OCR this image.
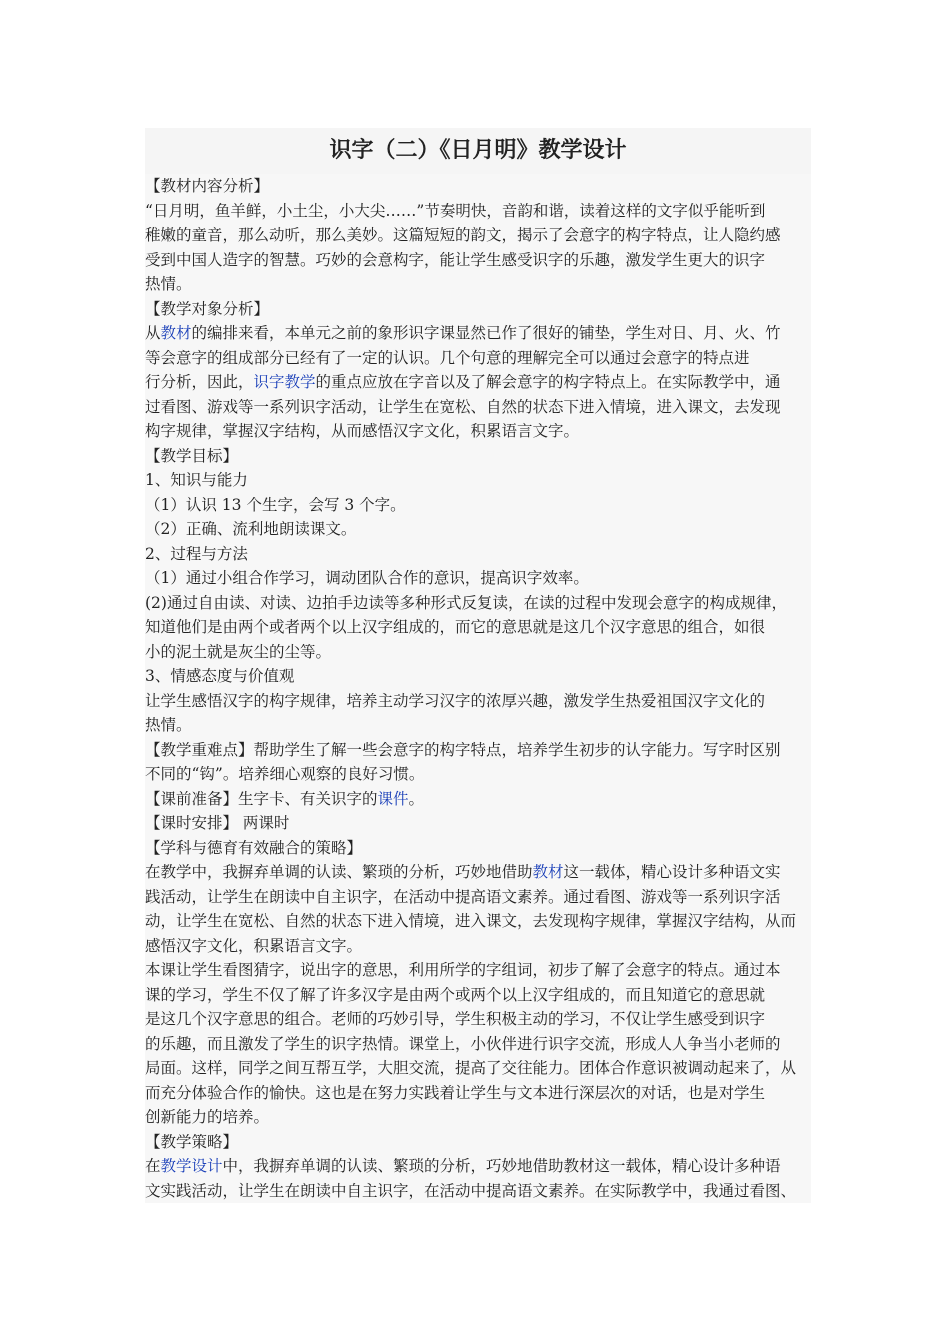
识字（二）《日月明》教学设计
【教材内容分析】
“日月明，鱼羊鲜，小土尘，小大尖……”节奏明快，音韵和谐，读着这样的文字似乎能听到
稚嫩的童音，那么动听，那么美妙。这篇短短的韵文，揭示了会意字的构字特点，让人隐约感
受到中国人造字的智慧。巧妙的会意构字，能让学生感受识字的乐趣，激发学生更大的识字
热情。
【教学对象分析】
从教材的编排来看，本单元之前的象形识字课显然已作了很好的铺垫，学生对日、月、火、竹
等会意字的组成部分已经有了一定的认识。几个句意的理解完全可以通过会意字的特点进
行分析，因此，识字教学的重点应放在字音以及了解会意字的构字特点上。在实际教学中，通
过看图、游戏等一系列识字活动，让学生在宽松、自然的状态下进入情境，进入课文，去发现
构字规律，掌握汉字结构，从而感悟汉字文化，积累语言文字。
【教学目标】
1、知识与能力
（1）认识 13 个生字，会写 3 个字。
（2）正确、流利地朗读课文。
2、过程与方法
（1）通过小组合作学习，调动团队合作的意识，提高识字效率。
(2)通过自由读、对读、边拍手边读等多种形式反复读，在读的过程中发现会意字的构成规律，
知道他们是由两个或者两个以上汉字组成的，而它的意思就是这几个汉字意思的组合，如很
小的泥土就是灰尘的尘等。
3、情感态度与价值观
让学生感悟汉字的构字规律，培养主动学习汉字的浓厚兴趣，激发学生热爱祖国汉字文化的
热情。
【教学重难点】帮助学生了解一些会意字的构字特点，培养学生初步的认字能力。写字时区别
不同的“钩”。培养细心观察的良好习惯。
【课前准备】生字卡、有关识字的课件。
【课时安排】 两课时
【学科与德育有效融合的策略】
在教学中，我摒弃单调的认读、繁琐的分析，巧妙地借助教材这一载体，精心设计多种语文实
践活动，让学生在朗读中自主识字，在活动中提高语文素养。通过看图、游戏等一系列识字活
动，让学生在宽松、自然的状态下进入情境，进入课文，去发现构字规律，掌握汉字结构，从而
感悟汉字文化，积累语言文字。
本课让学生看图猜字，说出字的意思，利用所学的字组词，初步了解了会意字的特点。通过本
课的学习，学生不仅了解了许多汉字是由两个或两个以上汉字组成的，而且知道它的意思就
是这几个汉字意思的组合。老师的巧妙引导，学生积极主动的学习，不仅让学生感受到识字
的乐趣，而且激发了学生的识字热情。课堂上，小伙伴进行识字交流，形成人人争当小老师的
局面。这样，同学之间互帮互学，大胆交流，提高了交往能力。团体合作意识被调动起来了，从
而充分体验合作的愉快。这也是在努力实践着让学生与文本进行深层次的对话，也是对学生
创新能力的培养。
【教学策略】
在教学设计中，我摒弃单调的认读、繁琐的分析，巧妙地借助教材这一载体，精心设计多种语
文实践活动，让学生在朗读中自主识字，在活动中提高语文素养。在实际教学中，我通过看图、
